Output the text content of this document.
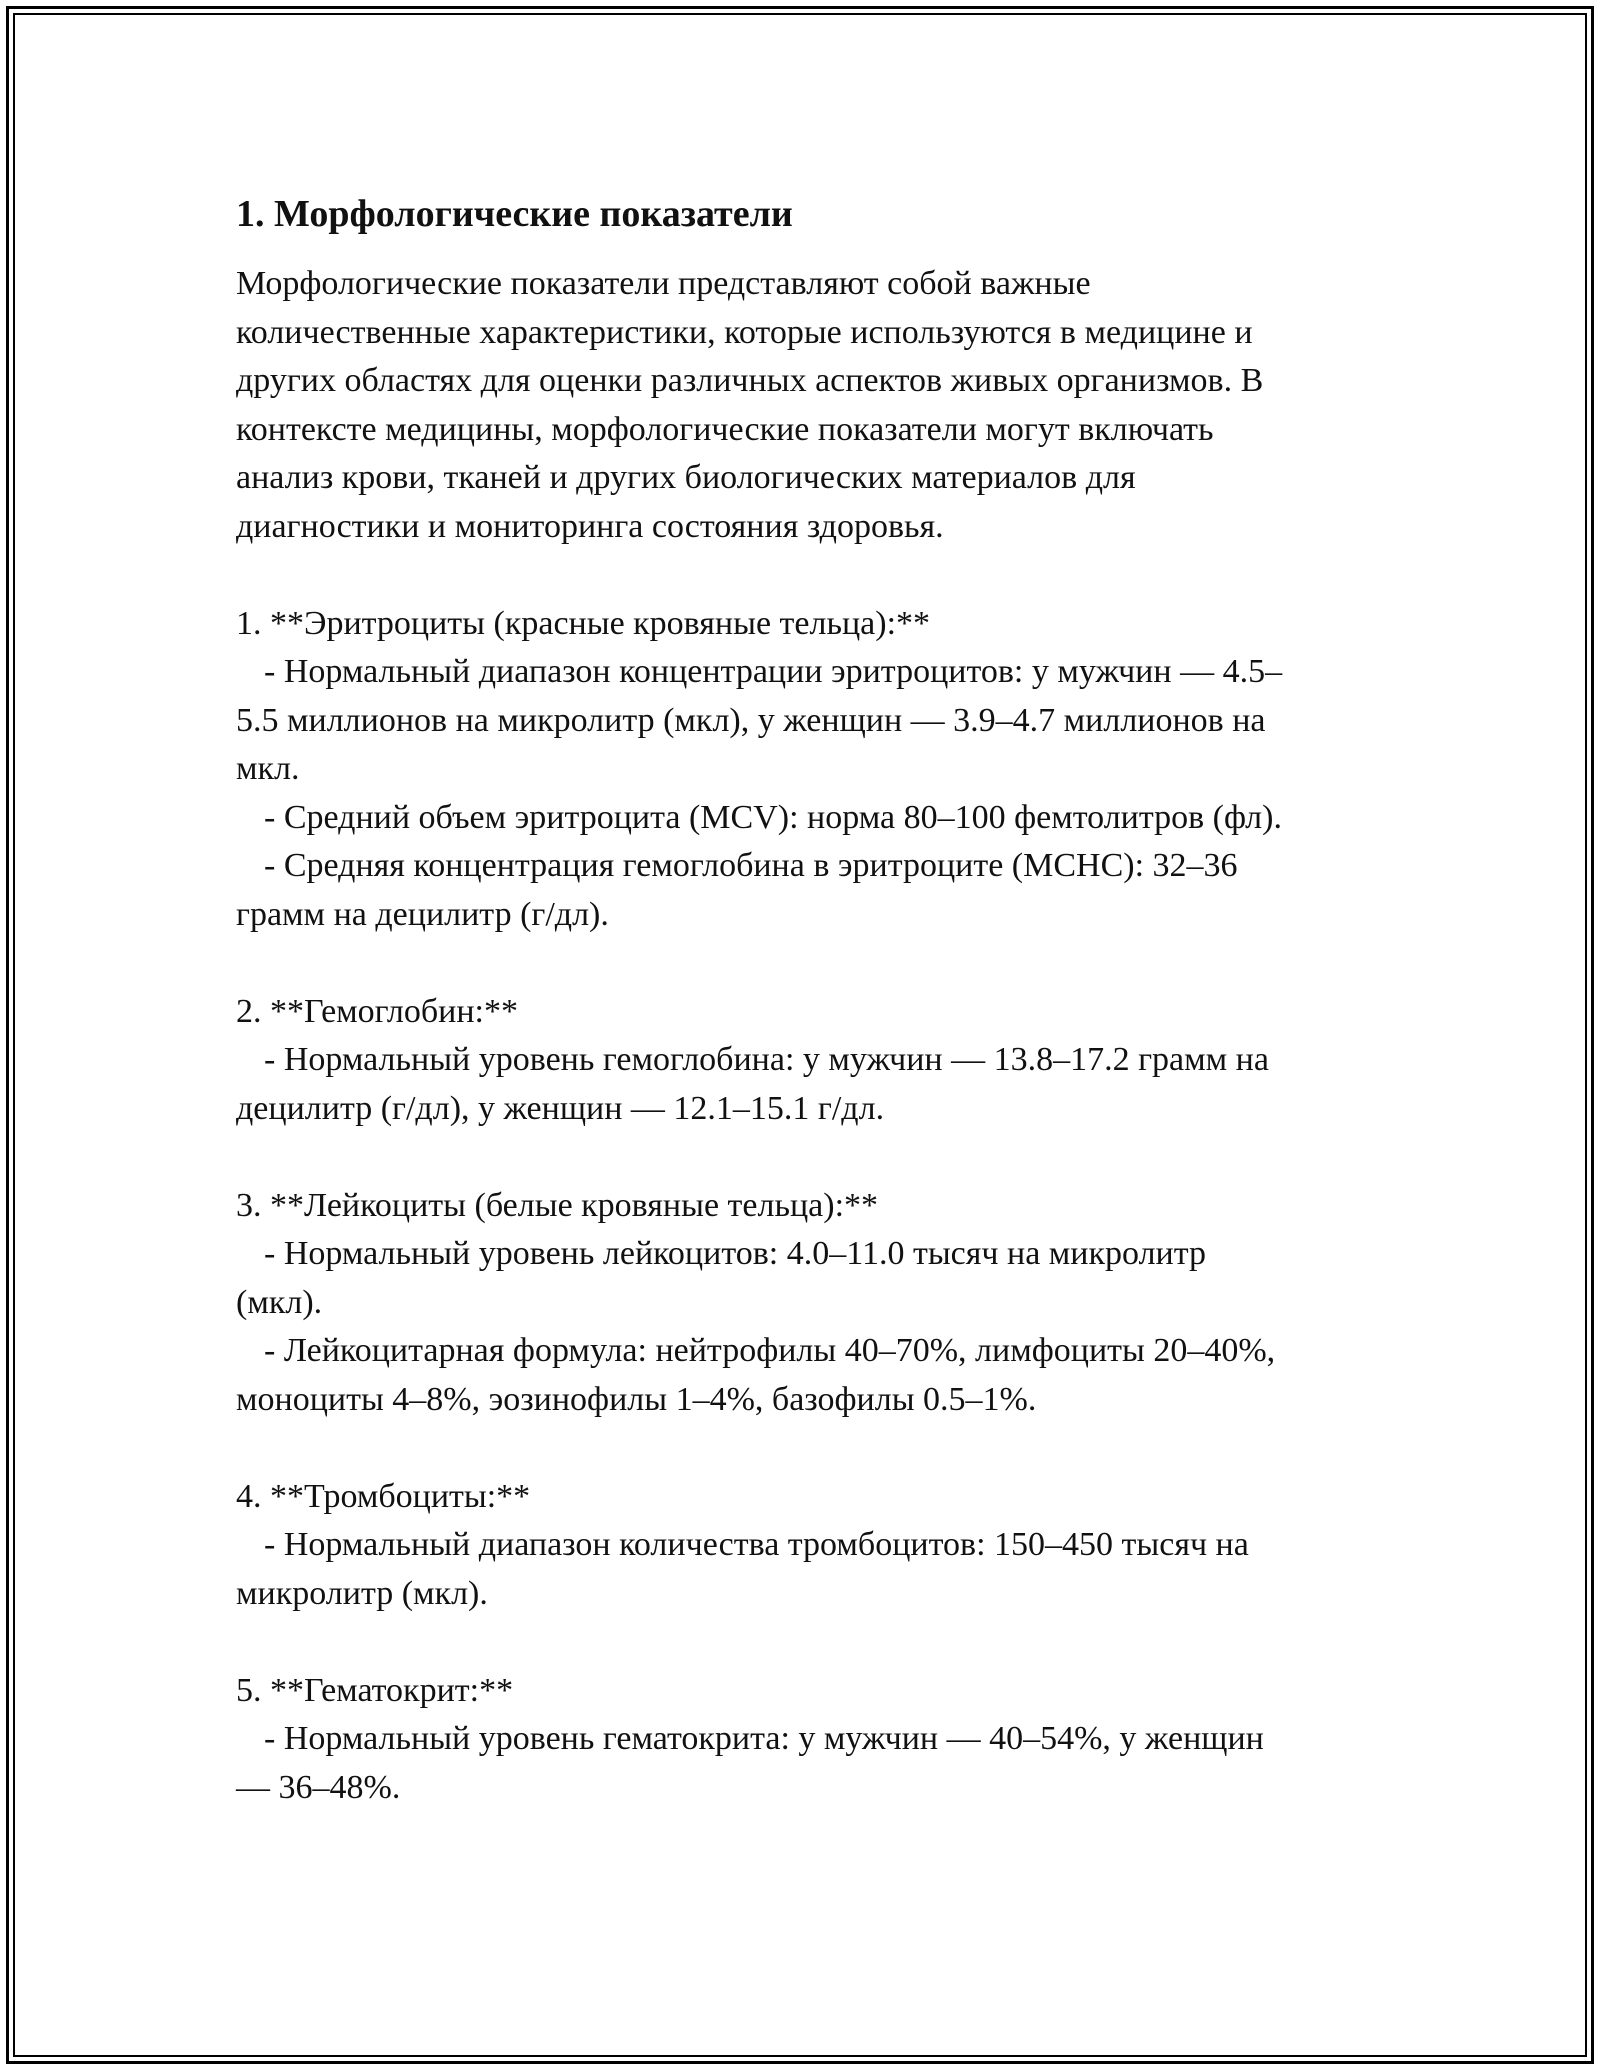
1. Морфологические показатели
Морфологические показатели представляют собой важные
количественные характеристики, которые используются в медицине и
других областях для оценки различных аспектов живых организмов. В
контексте медицины, морфологические показатели могут включать
анализ крови, тканей и других биологических материалов для
диагностики и мониторинга состояния здоровья.
1. **Эритроциты (красные кровяные тельца):**
- Нормальный диапазон концентрации эритроцитов: у мужчин — 4.5–
5.5 миллионов на микролитр (мкл), у женщин — 3.9–4.7 миллионов на
мкл.
- Средний объем эритроцита (MCV): норма 80–100 фемтолитров (фл).
- Средняя концентрация гемоглобина в эритроците (MCHC): 32–36
грамм на децилитр (г/дл).
2. **Гемоглобин:**
- Нормальный уровень гемоглобина: у мужчин — 13.8–17.2 грамм на
децилитр (г/дл), у женщин — 12.1–15.1 г/дл.
3. **Лейкоциты (белые кровяные тельца):**
- Нормальный уровень лейкоцитов: 4.0–11.0 тысяч на микролитр
(мкл).
- Лейкоцитарная формула: нейтрофилы 40–70%, лимфоциты 20–40%,
моноциты 4–8%, эозинофилы 1–4%, базофилы 0.5–1%.
4. **Тромбоциты:**
- Нормальный диапазон количества тромбоцитов: 150–450 тысяч на
микролитр (мкл).
5. **Гематокрит:**
- Нормальный уровень гематокрита: у мужчин — 40–54%, у женщин
— 36–48%.
